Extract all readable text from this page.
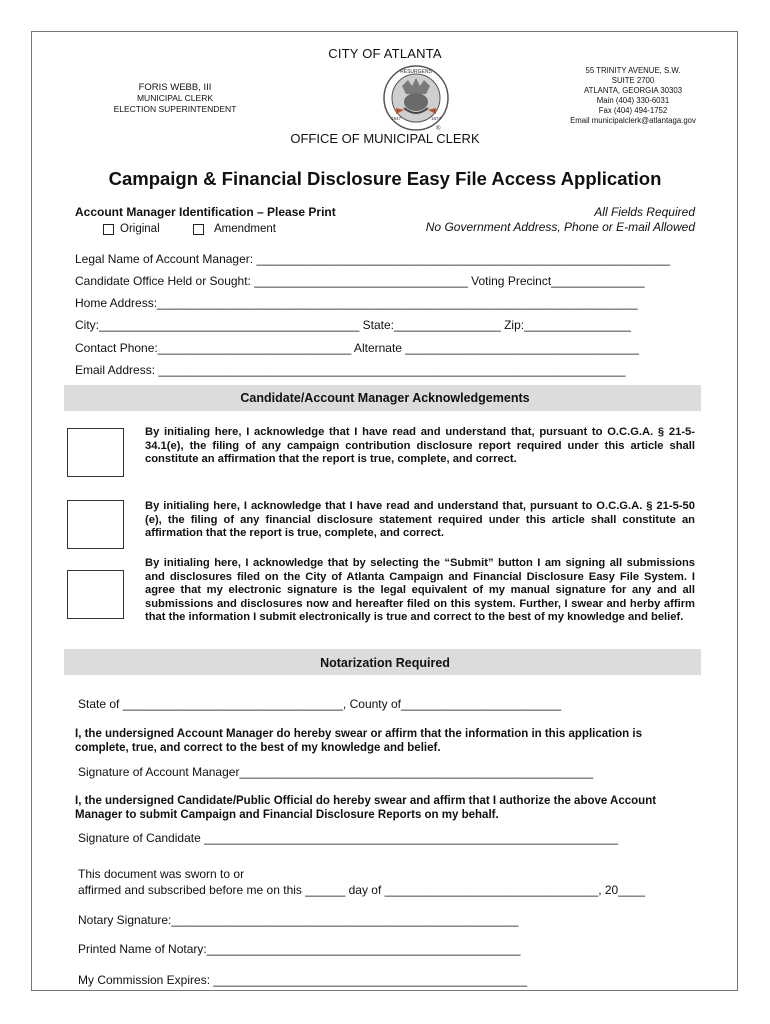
CITY OF ATLANTA
FORIS WEBB, III
MUNICIPAL CLERK
ELECTION SUPERINTENDENT
RESURGENS
1847	1874
®
55 TRINITY AVENUE, S.W.
SUITE 2700
ATLANTA, GEORGIA 30303
Main (404) 330-6031
Fax (404) 494-1752
Email municipalclerk@atlantaga.gov
OFFICE OF MUNICIPAL CLERK
Campaign & Financial Disclosure Easy File Access Application
Account Manager Identification – Please Print
Original	Amendment
All Fields Required
No Government Address, Phone or E-mail Allowed
Legal Name of Account Manager: ______________________________________________________________
Candidate Office Held or Sought: ________________________________ Voting Precinct______________
Home Address:________________________________________________________________________
City:_______________________________________ State:________________ Zip:________________
Contact Phone:_____________________________ Alternate ___________________________________
Email Address: ______________________________________________________________________
Candidate/Account Manager Acknowledgements
By initialing here, I acknowledge that I have read and understand that, pursuant to O.C.G.A. § 21-5-34.1(e), the filing of any campaign contribution disclosure report required under this article shall constitute an affirmation that the report is true, complete, and correct.
By initialing here, I acknowledge that I have read and understand that, pursuant to O.C.G.A. § 21-5-50 (e), the filing of any financial disclosure statement required under this article shall constitute an affirmation that the report is true, complete, and correct.
By initialing here, I acknowledge that by selecting the “Submit” button I am signing all submissions and disclosures filed on the City of Atlanta Campaign and Financial Disclosure Easy File System. I agree that my electronic signature is the legal equivalent of my manual signature for any and all submissions and disclosures now and hereafter filed on this system. Further, I swear and herby affirm that the information I submit electronically is true and correct to the best of my knowledge and belief.
Notarization Required
State of _________________________________, County of________________________
I, the undersigned Account Manager do hereby swear or affirm that the information in this application is complete, true, and correct to the best of my knowledge and belief.
Signature of Account Manager_____________________________________________________
I, the undersigned Candidate/Public Official do hereby swear and affirm that I authorize the above Account Manager to submit Campaign and Financial Disclosure Reports on my behalf.
Signature of Candidate ______________________________________________________________
This document was sworn to or
affirmed and subscribed before me on this ______ day of ________________________________, 20____
Notary Signature:____________________________________________________
Printed Name of Notary:_______________________________________________
My Commission Expires: _______________________________________________
